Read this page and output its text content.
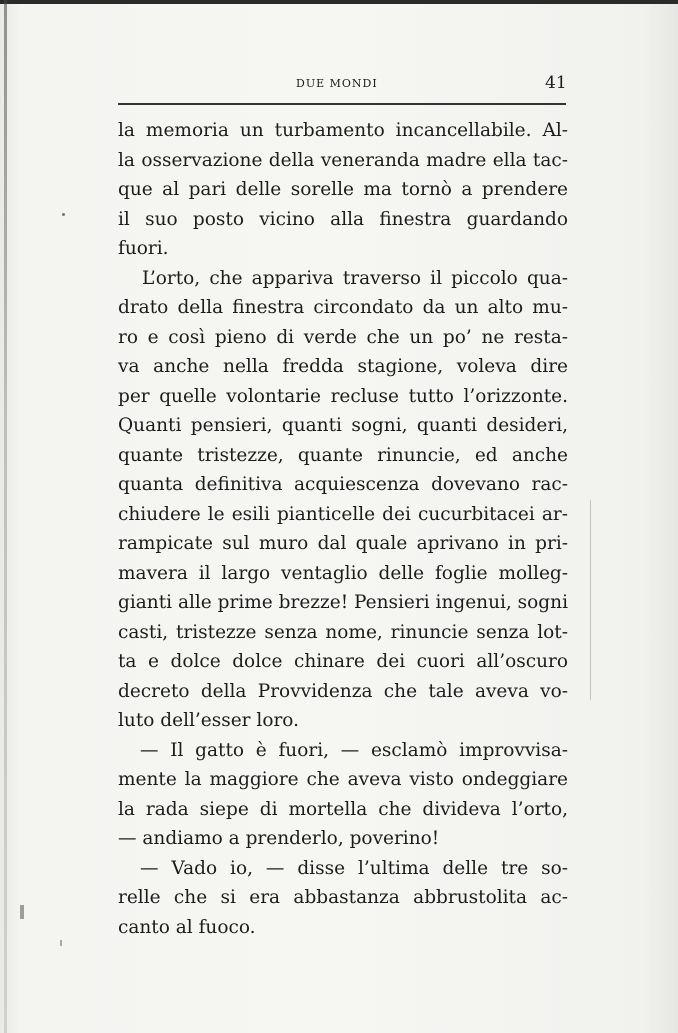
DUE MONDI	41
la memoria un turbamento incancellabile. Al-
la osservazione della veneranda madre ella tac-
que al pari delle sorelle ma tornò a prendere
il suo posto vicino alla finestra guardando
fuori.
L’orto, che appariva traverso il piccolo qua-
drato della finestra circondato da un alto mu-
ro e così pieno di verde che un po’ ne resta-
va anche nella fredda stagione, voleva dire
per quelle volontarie recluse tutto l’orizzonte.
Quanti pensieri, quanti sogni, quanti desideri,
quante tristezze, quante rinuncie, ed anche
quanta definitiva acquiescenza dovevano rac-
chiudere le esili pianticelle dei cucurbitacei ar-
rampicate sul muro dal quale aprivano in pri-
mavera il largo ventaglio delle foglie molleg-
gianti alle prime brezze! Pensieri ingenui, sogni
casti, tristezze senza nome, rinuncie senza lot-
ta e dolce dolce chinare dei cuori all’oscuro
decreto della Provvidenza che tale aveva vo-
luto dell’esser loro.
— Il gatto è fuori, — esclamò improvvisa-
mente la maggiore che aveva visto ondeggiare
la rada siepe di mortella che divideva l’orto,
— andiamo a prenderlo, poverino!
— Vado io, — disse l’ultima delle tre so-
relle che si era abbastanza abbrustolita ac-
canto al fuoco.
